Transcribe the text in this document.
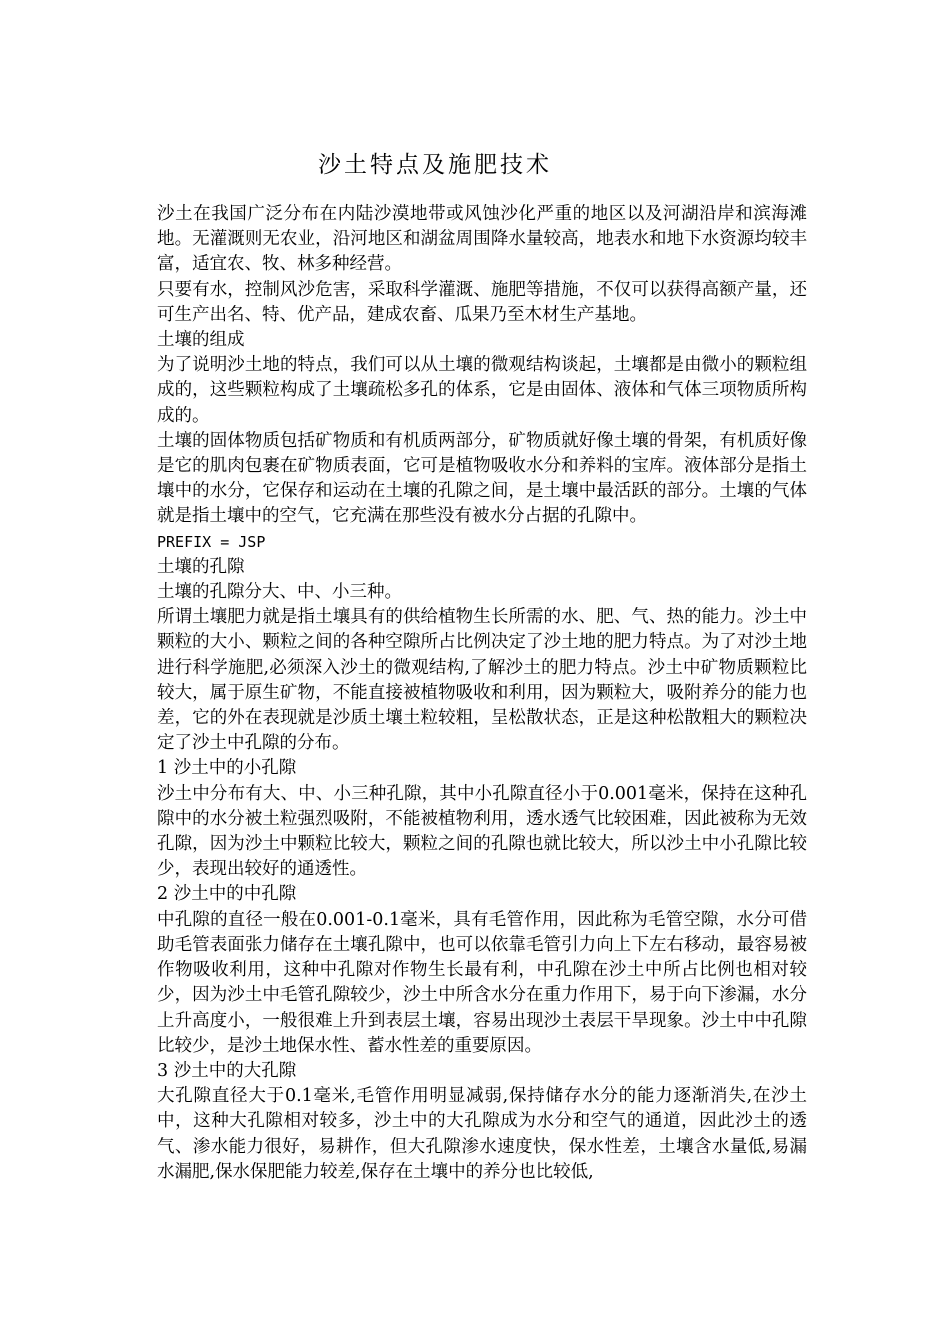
沙土特点及施肥技术

沙土在我国广泛分布在内陆沙漠地带或风蚀沙化严重的地区以及河湖沿岸和滨海滩地。无灌溉则无农业，沿河地区和湖盆周围降水量较高，地表水和地下水资源均较丰富，适宜农、牧、林多种经营。

只要有水，控制风沙危害，采取科学灌溉、施肥等措施，不仅可以获得高额产量，还可生产出名、特、优产品，建成农畜、瓜果乃至木材生产基地。

土壤的组成

为了说明沙土地的特点，我们可以从土壤的微观结构谈起，土壤都是由微小的颗粒组成的，这些颗粒构成了土壤疏松多孔的体系，它是由固体、液体和气体三项物质所构成的。

土壤的固体物质包括矿物质和有机质两部分，矿物质就好像土壤的骨架，有机质好像是它的肌肉包裹在矿物质表面，它可是植物吸收水分和养料的宝库。液体部分是指土壤中的水分，它保存和运动在土壤的孔隙之间，是土壤中最活跃的部分。土壤的气体就是指土壤中的空气，它充满在那些没有被水分占据的孔隙中。

PREFIX = JSP

土壤的孔隙

土壤的孔隙分大、中、小三种。

所谓土壤肥力就是指土壤具有的供给植物生长所需的水、肥、气、热的能力。沙土中颗粒的大小、颗粒之间的各种空隙所占比例决定了沙土地的肥力特点。为了对沙土地进行科学施肥,必须深入沙土的微观结构,了解沙土的肥力特点。沙土中矿物质颗粒比较大，属于原生矿物，不能直接被植物吸收和利用，因为颗粒大，吸附养分的能力也差，它的外在表现就是沙质土壤土粒较粗，呈松散状态，正是这种松散粗大的颗粒决定了沙土中孔隙的分布。

1 沙土中的小孔隙

沙土中分布有大、中、小三种孔隙，其中小孔隙直径小于0.001毫米，保持在这种孔隙中的水分被土粒强烈吸附，不能被植物利用，透水透气比较困难，因此被称为无效孔隙，因为沙土中颗粒比较大，颗粒之间的孔隙也就比较大，所以沙土中小孔隙比较少，表现出较好的通透性。

2 沙土中的中孔隙

中孔隙的直径一般在0.001-0.1毫米，具有毛管作用，因此称为毛管空隙，水分可借助毛管表面张力储存在土壤孔隙中，也可以依靠毛管引力向上下左右移动，最容易被作物吸收利用，这种中孔隙对作物生长最有利，中孔隙在沙土中所占比例也相对较少，因为沙土中毛管孔隙较少，沙土中所含水分在重力作用下，易于向下渗漏，水分上升高度小，一般很难上升到表层土壤，容易出现沙土表层干旱现象。沙土中中孔隙比较少，是沙土地保水性、蓄水性差的重要原因。

3 沙土中的大孔隙

大孔隙直径大于0.1毫米,毛管作用明显减弱,保持储存水分的能力逐渐消失,在沙土中，这种大孔隙相对较多，沙土中的大孔隙成为水分和空气的通道，因此沙土的透气、渗水能力很好，易耕作，但大孔隙渗水速度快，保水性差，土壤含水量低,易漏水漏肥,保水保肥能力较差,保存在土壤中的养分也比较低,
